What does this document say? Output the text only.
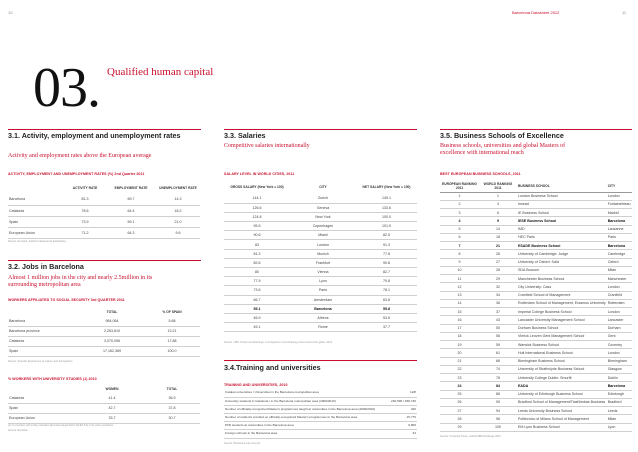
10	Barcelona Datasheet 2012	11
03. Qualified human capital
3.1. Activity, employment and unemployment rates
Activity and employment rates above the European average
ACTIVITY, EMPLOYMENT AND UNEMPLOYMENT RATES (%) 2nd Quarter 2011
	ACTIVITY RATE	EMPLOYMENT RATE	UNEMPLOYMENT RATE
Barcelona	81.3	69.7	14.3
Catalonia	78.6	64.4	18.2
Spain	73.9	59.1	21.0
European Union	71.2	64.3	9.6
Source: Eurostat, Instituto Nacional de Estadística.
3.2. Jobs in Barcelona
Almost 1 million jobs in the city and nearly 2.5million in its surrounding metropolitan area
WORKERS AFFILIATED TO SOCIAL SECURITY 3rd QUARTER 2011
	TOTAL	% OF SPAIN
Barcelona	984,064	5.68
Barcelona province	2,263,610	13.21
Catalonia	3,070,096	17.88
Spain	17,162,369	100.0
Source: Spanish Department of Labour and Immigration.
% WORKERS WITH UNIVERSITY STUDIES (1) 2010
	WOMEN	TOTAL
Catalonia	41.4	36.9
Spain	42.7	37.8
European Union	33.7	30.7
(1) % of workers with tertiary education (Eurostat categorization ISCED 5-6) in the active population.
Source: Eurostat.
3.3. Salaries
Competitive salaries internationally
SALARY LEVEL IN WORLD CITIES, 2011
GROSS SALARY (New York = 100)	CITY	NET SALARY (New York = 100)
144.1	Zurich	149.1
126.6	Geneva	133.6
124.8	New York	100.0
95.5	Copenhagen	101.9
90.6	Miami	82.5
83	London	91.3
81.3	Munich	77.8
82.6	Frankfurt	90.8
80	Vienna	82.7
77.9	Lyon	79.8
73.6	Paris	78.1
66.7	Amsterdam	63.8
55.1	Barcelona	55.8
46.9	Athens	53.6
45.1	Rome	37.7
Source: UBS. Prices and Earnings. A comparison of purchasing power around the globe. 2011.
3.4.Training and universities
TRAINING AND UNIVERSITIES, 2010
Catalan universities / Universities in the Barcelona metropolitan area	12/8
University students in Catalonia / in the Barcelona metropolitan area (2009/2010)	230,596 / 188,746
Number of officially-recognized Master's programmes taught at universities in the Barcelona area (2009/2010)	426
Number of students enrolled on officially-recognized Master's programmes in the Barcelona area	15,776
PhD students at universities in the Barcelona area	9,806
Foreign schools in the Barcelona area	34
Source: Barcelona City Council.
3.5. Business Schools of Excellence
Business schools, universities and global Masters of excellence with international reach
BEST EUROPEAN BUSINESS SCHOOLS, 2011
EUROPEAN RANKING 2011	WORLD RANKING 2011	BUSINESS SCHOOL	CITY
1	1	London Business School	London
2	4	Insead	Fontainebleau
3	6	IE Business School	Madrid
4	9	IESE Business School	Barcelona
5	14	IMD	Lausanne
6	18	HEC Paris	Paris
7	21	ESADE Business School	Barcelona
8	26	University of Cambridge: Judge	Cambridge
9	27	University of Oxford: Saïd	Oxford
10	28	SDA Bocconi	Milan
11	29	Manchester Business School	Manchester
12	32	City University: Cass	London
13	34	Cranfield School of Management	Cranfield
14	36	Rotterdam School of Management, Erasmus University	Rotterdam
15	37	Imperial College Business School	London
16	43	Lancaster University Management School	Lancaster
17	50	Durham Business School	Durham
18	56	Vlerick Leuven Gent Management School	Gent
19	59	Warwick Business School	Coventry
20	61	Hult International Business School	London
21	66	Birmingham Business School	Birmingham
22	74	University of Strathclyde Business School	Glasgow
23	78	University College Dublin: Smurfit	Dublin
24	84	EADA	Barcelona
25	86	University of Edinburgh Business School	Edinburgh
26	90	Bradford School of Management/TiasNimbas Business	Bradford
27	94	Leeds University Business School	Leeds
28	96	Politecnico di Milano School of Management	Milan
29	100	EM Lyon Business School	Lyon
Source: Financial Times. Global MBA Rankings 2011.
